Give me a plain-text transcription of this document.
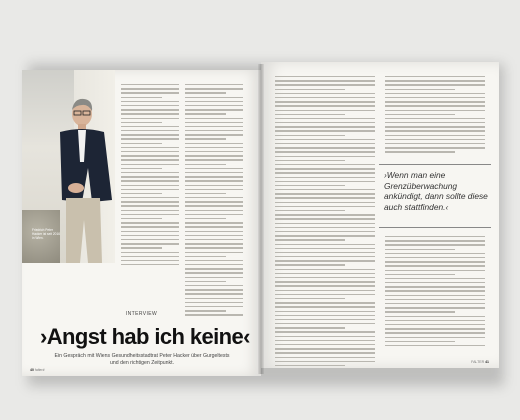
Friedrich Peter Hacker ist seit 2016 in Wien.
INTERVIEW
›Angst hab ich keine‹
Ein Gespräch mit Wiens Gesundheitsstadtrat Peter Hacker über Gurgeltests und den richtigen Zeitpunkt.
40 falter#
›Wenn man eine Grenzüberwachung ankündigt, dann sollte diese auch stattfinden.‹
FALTER 41
